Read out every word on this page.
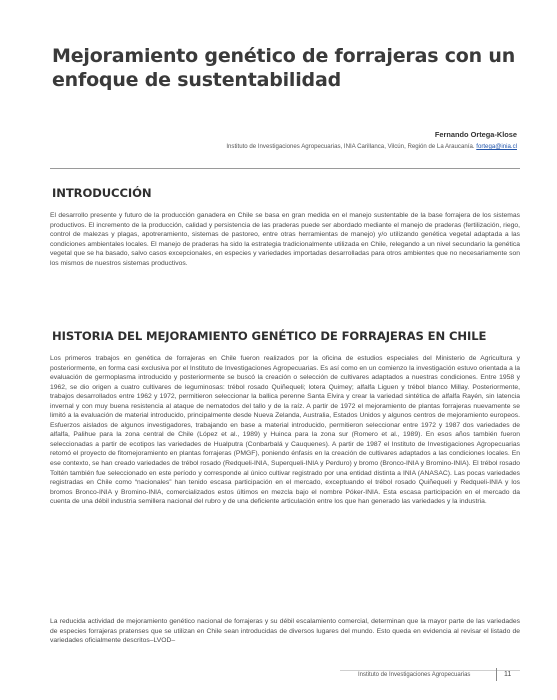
Mejoramiento genético de forrajeras con un enfoque de sustentabilidad
Fernando Ortega-Klose
Instituto de Investigaciones Agropecuarias, INIA Carillanca, Vilcún, Región de La Araucanía. fortega@inia.cl
INTRODUCCIÓN
El desarrollo presente y futuro de la producción ganadera en Chile se basa en gran medida en el manejo sustentable de la base forrajera de los sistemas productivos. El incremento de la producción, calidad y persistencia de las praderas puede ser abordado mediante el manejo de praderas (fertilización, riego, control de malezas y plagas, apotreramiento, sistemas de pastoreo, entre otras herramientas de manejo) y/o utilizando genética vegetal adaptada a las condiciones ambientales locales. El manejo de praderas ha sido la estrategia tradicionalmente utilizada en Chile, relegando a un nivel secundario la genética vegetal que se ha basado, salvo casos excepcionales, en especies y variedades importadas desarrolladas para otros ambientes que no necesariamente son los mismos de nuestros sistemas productivos.
HISTORIA DEL MEJORAMIENTO GENÉTICO DE FORRAJERAS EN CHILE
Los primeros trabajos en genética de forrajeras en Chile fueron realizados por la oficina de estudios especiales del Ministerio de Agricultura y posteriormente, en forma casi exclusiva por el Instituto de Investigaciones Agropecuarias. Es así como en un comienzo la investigación estuvo orientada a la evaluación de germoplasma introducido y posteriormente se buscó la creación o selección de cultivares adaptados a nuestras condiciones. Entre 1958 y 1962, se dio origen a cuatro cultivares de leguminosas: trébol rosado Quiñequeli; lotera Quimey; alfalfa Liguen y trébol blanco Millay. Posteriormente, trabajos desarrollados entre 1962 y 1972, permitieron seleccionar la ballica perenne Santa Elvira y crear la variedad sintética de alfalfa Rayén, sin latencia invernal y con muy buena resistencia al ataque de nematodos del tallo y de la raíz. A partir de 1972 el mejoramiento de plantas forrajeras nuevamente se limitó a la evaluación de material introducido, principalmente desde Nueva Zelanda, Australia, Estados Unidos y algunos centros de mejoramiento europeos. Esfuerzos aislados de algunos investigadores, trabajando en base a material introducido, permitieron seleccionar entre 1972 y 1987 dos variedades de alfalfa, Palihue para la zona central de Chile (López et al., 1989) y Huinca para la zona sur (Romero et al., 1989). En esos años también fueron seleccionadas a partir de ecotipos las variedades de Hualputra (Conbarbalá y Cauquenes). A partir de 1987 el Instituto de Investigaciones Agropecuarias retomó el proyecto de fitomejoramiento en plantas forrajeras (PMGF), poniendo énfasis en la creación de cultivares adaptados a las condiciones locales. En ese contexto, se han creado variedades de trébol rosado (Redqueli-INIA, Superqueli-INIA y Perduro) y bromo (Bronco-INIA y Bromino-INIA). El trébol rosado Toltén también fue seleccionado en este período y corresponde al único cultivar registrado por una entidad distinta a INIA (ANASAC). Las pocas variedades registradas en Chile como “nacionales” han tenido escasa participación en el mercado, exceptuando el trébol rosado Quiñequeli y Redqueli-INIA y los bromos Bronco-INIA y Bromino-INIA, comercializados estos últimos en mezcla bajo el nombre Póker-INIA. Esta escasa participación en el mercado da cuenta de una débil industria semillera nacional del rubro y de una deficiente articulación entre los que han generado las variedades y la industria.
La reducida actividad de mejoramiento genético nacional de forrajeras y su débil escalamiento comercial, determinan que la mayor parte de las variedades de especies forrajeras pratenses que se utilizan en Chile sean introducidas de diversos lugares del mundo. Esto queda en evidencia al revisar el listado de variedades oficialmente descritos–LVOD–
Instituto de Investigaciones Agropecuarias	11
